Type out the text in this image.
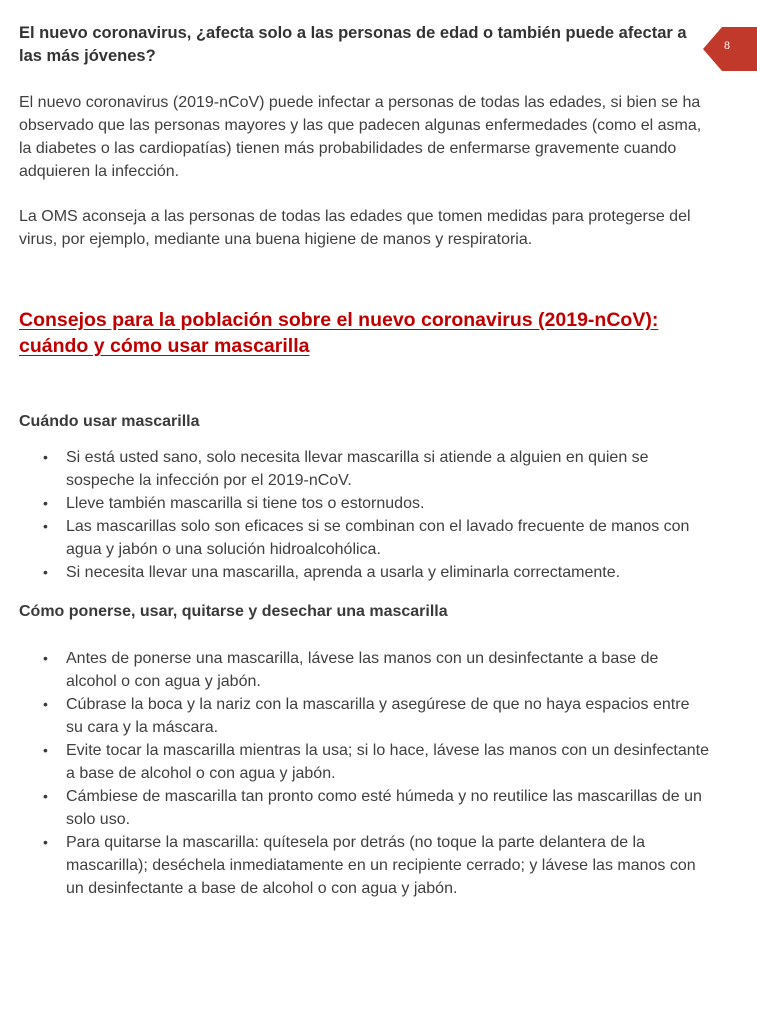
8

El nuevo coronavirus, ¿afecta solo a las personas de edad o también puede afectar a las más jóvenes?

El nuevo coronavirus (2019-nCoV) puede infectar a personas de todas las edades, si bien se ha observado que las personas mayores y las que padecen algunas enfermedades (como el asma, la diabetes o las cardiopatías) tienen más probabilidades de enfermarse gravemente cuando adquieren la infección.

La OMS aconseja a las personas de todas las edades que tomen medidas para protegerse del virus, por ejemplo, mediante una buena higiene de manos y respiratoria.

Consejos para la población sobre el nuevo coronavirus (2019-nCoV): cuándo y cómo usar mascarilla
Cuándo usar mascarilla
• Si está usted sano, solo necesita llevar mascarilla si atiende a alguien en quien se sospeche la infección por el 2019-nCoV.
• Lleve también mascarilla si tiene tos o estornudos.
• Las mascarillas solo son eficaces si se combinan con el lavado frecuente de manos con agua y jabón o una solución hidroalcohólica.
• Si necesita llevar una mascarilla, aprenda a usarla y eliminarla correctamente.
Cómo ponerse, usar, quitarse y desechar una mascarilla
• Antes de ponerse una mascarilla, lávese las manos con un desinfectante a base de alcohol o con agua y jabón.
• Cúbrase la boca y la nariz con la mascarilla y asegúrese de que no haya espacios entre su cara y la máscara.
• Evite tocar la mascarilla mientras la usa; si lo hace, lávese las manos con un desinfectante a base de alcohol o con agua y jabón.
• Cámbiese de mascarilla tan pronto como esté húmeda y no reutilice las mascarillas de un solo uso.
• Para quitarse la mascarilla: quítesela por detrás (no toque la parte delantera de la mascarilla); deséchela inmediatamente en un recipiente cerrado; y lávese las manos con un desinfectante a base de alcohol o con agua y jabón.
